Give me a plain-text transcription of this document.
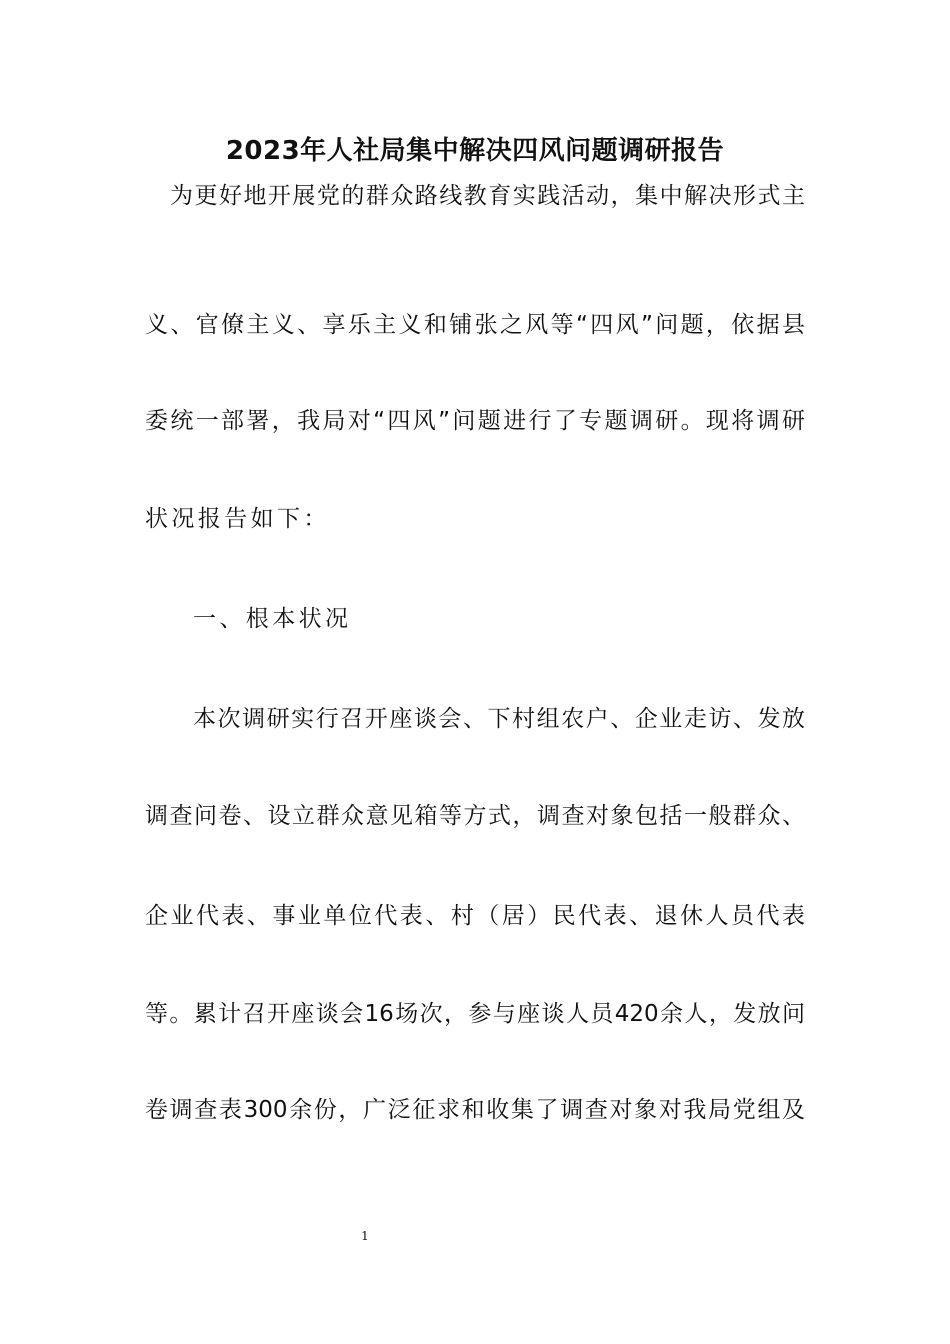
2023年人社局集中解决四风问题调研报告
为更好地开展党的群众路线教育实践活动，集中解决形式主
义、官僚主义、享乐主义和铺张之风等“四风”问题，依据县
委统一部署，我局对“四风”问题进行了专题调研。现将调研
状况报告如下：
一、根本状况
本次调研实行召开座谈会、下村组农户、企业走访、发放
调查问卷、设立群众意见箱等方式，调查对象包括一般群众、
企业代表、事业单位代表、村（居）民代表、退休人员代表
等。累计召开座谈会16场次，参与座谈人员420余人，发放问
卷调查表300余份，广泛征求和收集了调查对象对我局党组及
1
